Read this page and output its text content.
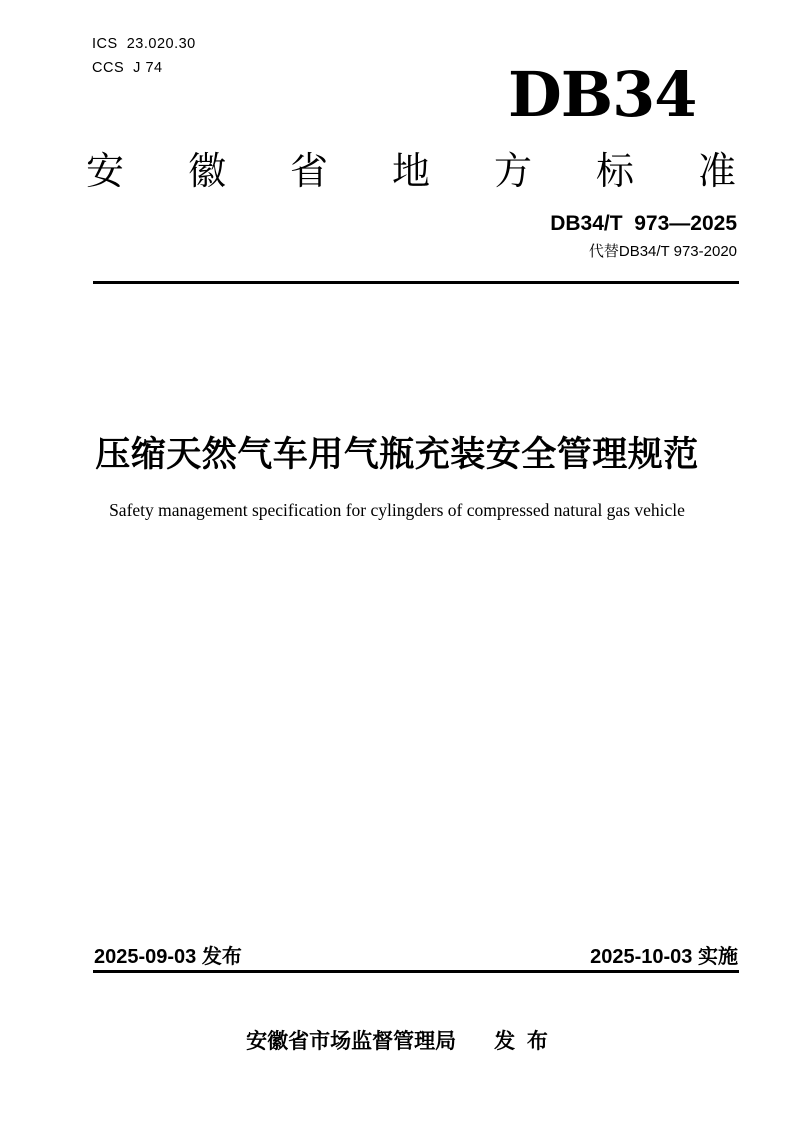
ICS  23.020.30
CCS  J 74	DB34
安 徽 省 地 方 标 准
DB34/T  973—2025
代替DB34/T 973-2020
压缩天然气车用气瓶充装安全管理规范
Safety management specification for cylingders of compressed natural gas vehicle
2025-09-03 发布	2025-10-03 实施
安徽省市场监督管理局 发  布
